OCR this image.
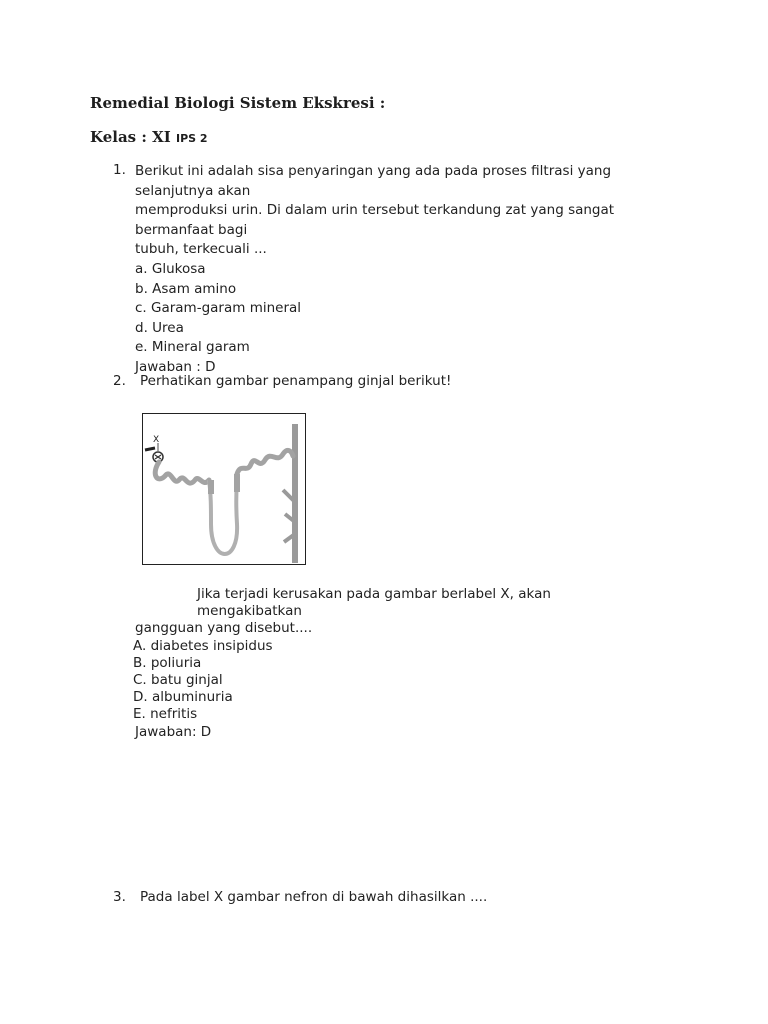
Remedial Biologi Sistem Ekskresi :
Kelas : XI IPS 2
1. Berikut ini adalah sisa penyaringan yang ada pada proses filtrasi yang selanjutnya akan

memproduksi urin. Di dalam urin tersebut terkandung zat yang sangat bermanfaat bagi

tubuh, terkecuali ...

a. Glukosa

b. Asam amino

c. Garam-garam mineral

d. Urea

e. Mineral garam

Jawaban : D

2. Perhatikan gambar penampang ginjal berikut!
X

Jika terjadi kerusakan pada gambar berlabel X, akan mengakibatkan

gangguan yang disebut....

A. diabetes insipidus

B. poliuria

C. batu ginjal

D. albuminuria

E. nefritis

Jawaban: D

3. Pada label X gambar nefron di bawah dihasilkan ....
